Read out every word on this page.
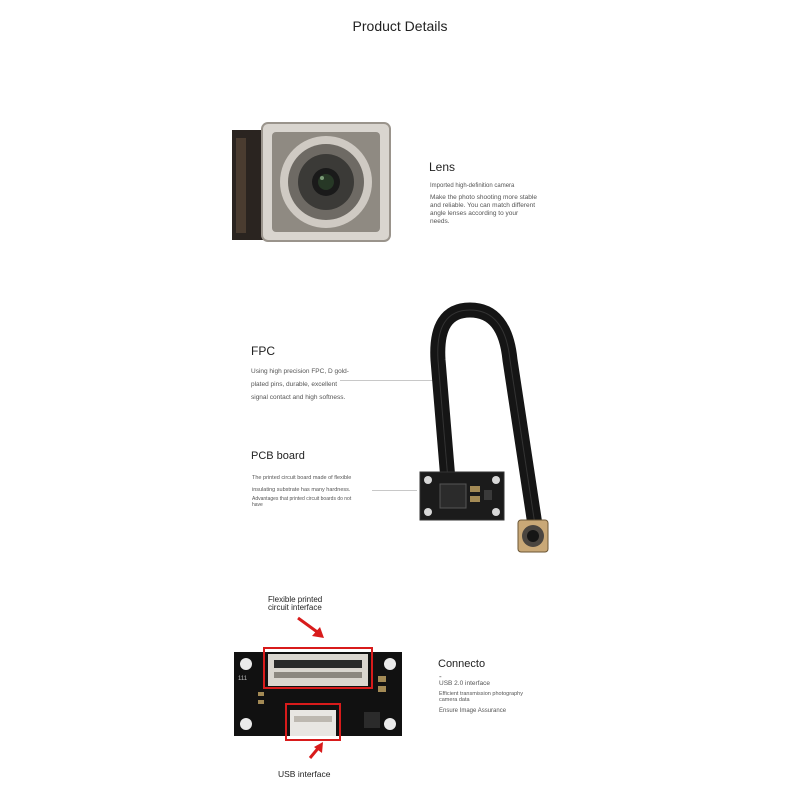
Product Details
Lens
Imported high-definition camera
Make the photo shooting more stable
and reliable. You can match different
angle lenses according to your
needs.
FPC
Using high precision FPC, D gold-
plated pins, durable, excellent
signal contact and high softness.
PCB board
The printed circuit board made of flexible
insulating substrate has many hardness.
Advantages that printed circuit boards do not
have
Flexible printed
circuit interface
111
USB interface
Connecto
-
USB 2.0 interface
Efficient transmission photography
camera data
Ensure Image Assurance
